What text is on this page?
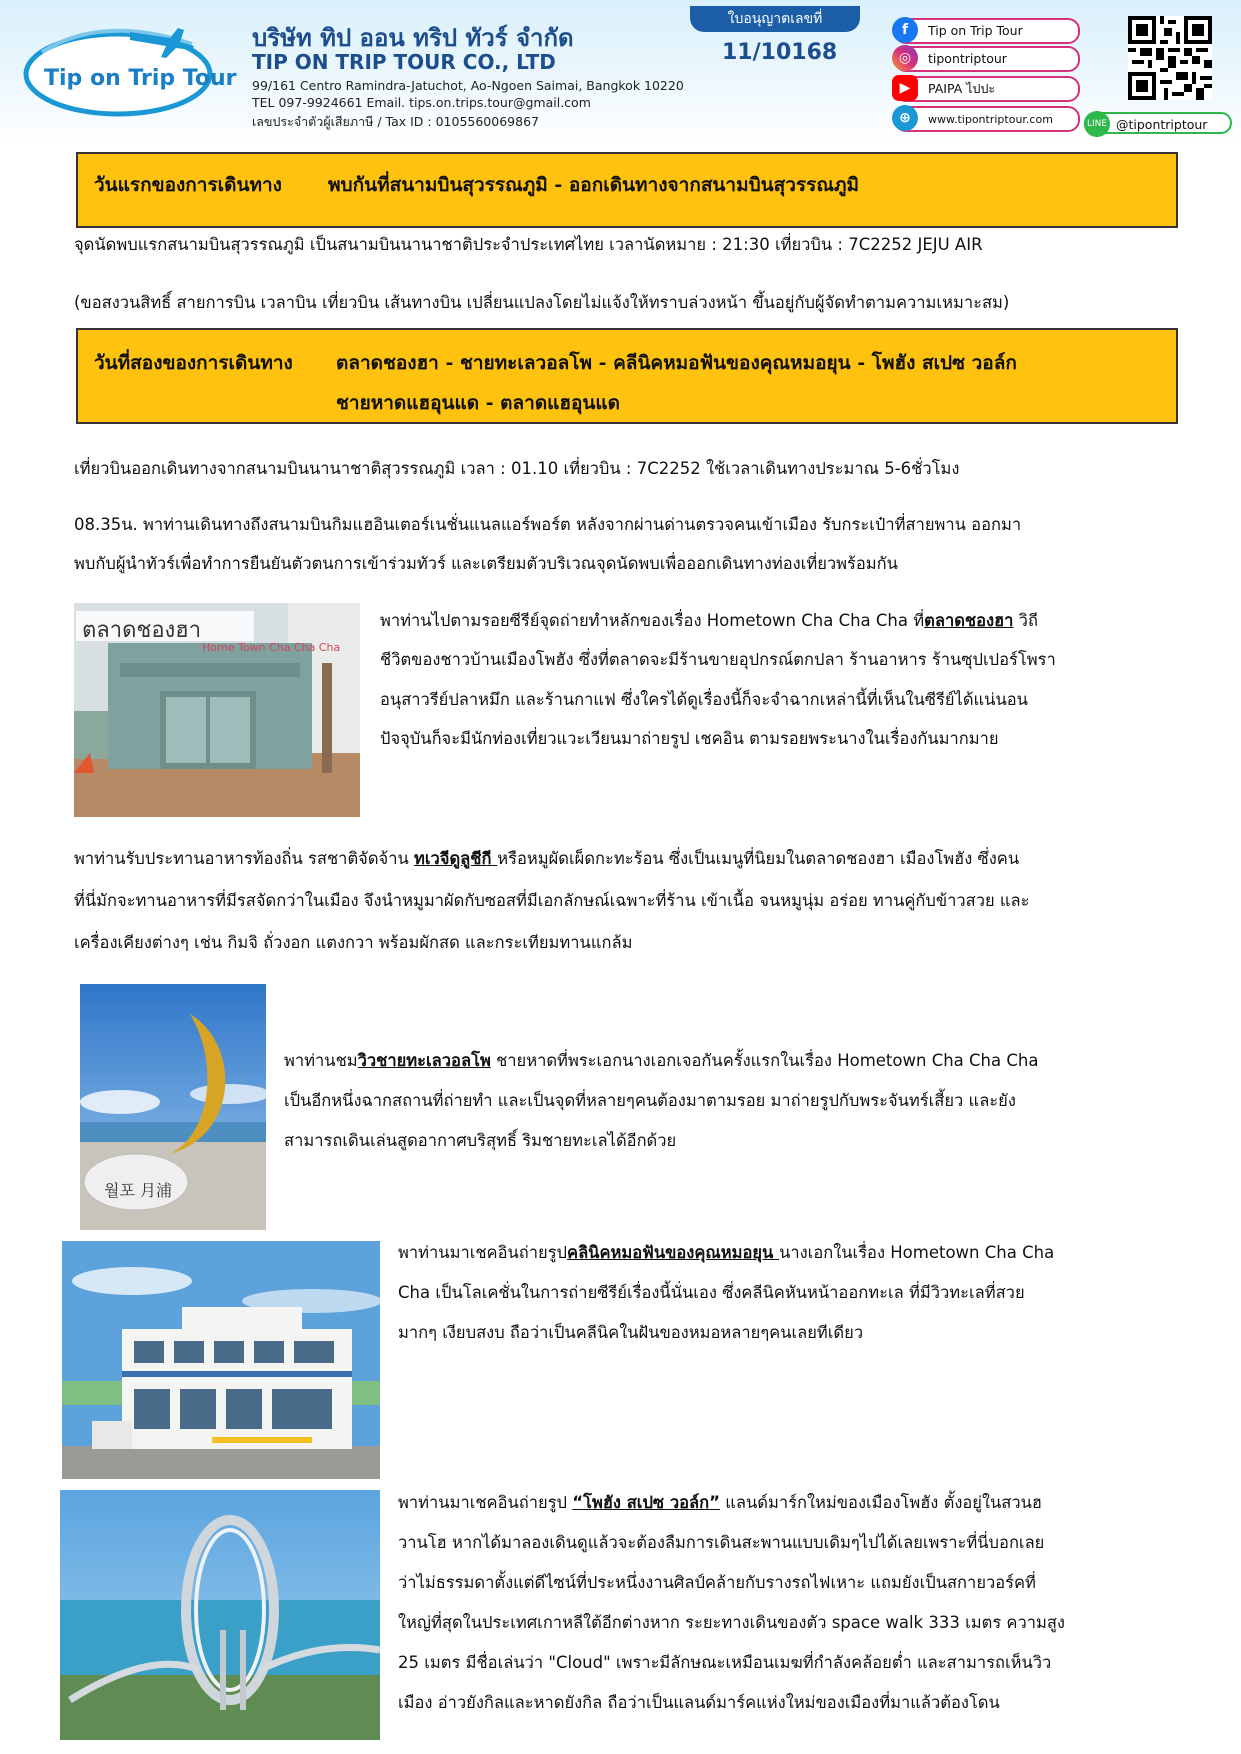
Tip on Trip Tour
บริษัท ทิป ออน ทริป ทัวร์ จำกัด
TIP ON TRIP TOUR CO., LTD
99/161 Centro Ramindra-Jatuchot, Ao-Ngoen Saimai, Bangkok 10220
TEL 097-9924661 Email. tips.on.trips.tour@gmail.com
เลขประจำตัวผู้เสียภาษี / Tax ID : 0105560069867
ใบอนุญาตเลขที่
11/10168
f	Tip on Trip Tour
◎	tipontriptour
▶	PAIPA ไปปะ
⊕	www.tipontriptour.com	LINE @tipontriptour
วันแรกของการเดินทาง พบกันที่สนามบินสุวรรณภูมิ - ออกเดินทางจากสนามบินสุวรรณภูมิ

จุดนัดพบแรกสนามบินสุวรรณภูมิ เป็นสนามบินนานาชาติประจำประเทศไทย เวลานัดหมาย : 21:30 เที่ยวบิน : 7C2252 JEJU AIR

(ขอสงวนสิทธิ์ สายการบิน เวลาบิน เที่ยวบิน เส้นทางบิน เปลี่ยนแปลงโดยไม่แจ้งให้ทราบล่วงหน้า ขึ้นอยู่กับผู้จัดทำตามความเหมาะสม)

วันที่สองของการเดินทาง ตลาดชองฮา - ชายทะเลวอลโพ - คลีนิคหมอฟันของคุณหมอยุน - โพฮัง สเปซ วอล์ก
ชายหาดแฮอุนแด - ตลาดแฮอุนแด

เที่ยวบินออกเดินทางจากสนามบินนานาชาติสุวรรณภูมิ เวลา : 01.10 เที่ยวบิน : 7C2252 ใช้เวลาเดินทางประมาณ 5-6ชั่วโมง

08.35น. พาท่านเดินทางถึงสนามบินกิมแฮอินเตอร์เนชั่นแนลแอร์พอร์ต หลังจากผ่านด่านตรวจคนเข้าเมือง รับกระเป๋าที่สายพาน ออกมา

พบกับผู้นำทัวร์เพื่อทำการยืนยันตัวตนการเข้าร่วมทัวร์ และเตรียมตัวบริเวณจุดนัดพบเพื่อออกเดินทางท่องเที่ยวพร้อมกัน

ตลาดชองฮา
Home Town Cha Cha Cha

พาท่านไปตามรอยซีรีย์จุดถ่ายทำหลักของเรื่อง Hometown Cha Cha Cha ที่ตลาดชองฮา วิถี

ชีวิตของชาวบ้านเมืองโพฮัง ซึ่งที่ตลาดจะมีร้านขายอุปกรณ์ตกปลา ร้านอาหาร ร้านซุปเปอร์โพรา

อนุสาวรีย์ปลาหมึก และร้านกาแฟ ซึ่งใครได้ดูเรื่องนี้ก็จะจำฉากเหล่านี้ที่เห็นในซีรีย์ได้แน่นอน

ปัจจุบันก็จะมีนักท่องเที่ยวแวะเวียนมาถ่ายรูป เชคอิน ตามรอยพระนางในเรื่องกันมากมาย

พาท่านรับประทานอาหารท้องถิ่น รสชาติจัดจ้าน ทเวจีดูลูชีกี หรือหมูผัดเผ็ดกะทะร้อน ซึ่งเป็นเมนูที่นิยมในตลาดชองฮา เมืองโพฮัง ซึ่งคน

ที่นี่มักจะทานอาหารที่มีรสจัดกว่าในเมือง จึงนำหมูมาผัดกับซอสที่มีเอกลักษณ์เฉพาะที่ร้าน เข้าเนื้อ จนหมูนุ่ม อร่อย ทานคู่กับข้าวสวย และ

เครื่องเคียงต่างๆ เช่น กิมจิ ถั่วงอก แตงกวา พร้อมผักสด และกระเทียมทานแกล้ม

월포 月浦

พาท่านชมวิวชายทะเลวอลโพ ชายหาดที่พระเอกนางเอกเจอกันครั้งแรกในเรื่อง Hometown Cha Cha Cha

เป็นอีกหนึ่งฉากสถานที่ถ่ายทำ และเป็นจุดที่หลายๆคนต้องมาตามรอย มาถ่ายรูปกับพระจันทร์เสี้ยว และยัง

สามารถเดินเล่นสูดอากาศบริสุทธิ์ ริมชายทะเลได้อีกด้วย

พาท่านมาเชคอินถ่ายรูปคลินิคหมอฟันของคุณหมอยุน นางเอกในเรื่อง Hometown Cha Cha

Cha เป็นโลเคชั่นในการถ่ายซีรีย์เรื่องนี้นั่นเอง ซึ่งคลีนิคหันหน้าออกทะเล ที่มีวิวทะเลที่สวย

มากๆ เงียบสงบ ถือว่าเป็นคลีนิคในฝันของหมอหลายๆคนเลยทีเดียว

พาท่านมาเชคอินถ่ายรูป “โพฮัง สเปซ วอล์ก” แลนด์มาร์กใหม่ของเมืองโพฮัง ตั้งอยู่ในสวนฮ

วานโฮ หากได้มาลองเดินดูแล้วจะต้องลืมการเดินสะพานแบบเดิมๆไปได้เลยเพราะที่นี่บอกเลย

ว่าไม่ธรรมดาตั้งแต่ดีไซน์ที่ประหนึ่งงานศิลป์คล้ายกับรางรถไฟเหาะ แถมยังเป็นสกายวอร์คที่

ใหญ่ที่สุดในประเทศเกาหลีใต้อีกต่างหาก ระยะทางเดินของตัว space walk 333 เมตร ความสูง

25 เมตร มีชื่อเล่นว่า "Cloud" เพราะมีลักษณะเหมือนเมฆที่กำลังคล้อยต่ำ และสามารถเห็นวิว

เมือง อ่าวยังกิลและหาดยังกิล ถือว่าเป็นแลนด์มาร์คแห่งใหม่ของเมืองที่มาแล้วต้องโดน
